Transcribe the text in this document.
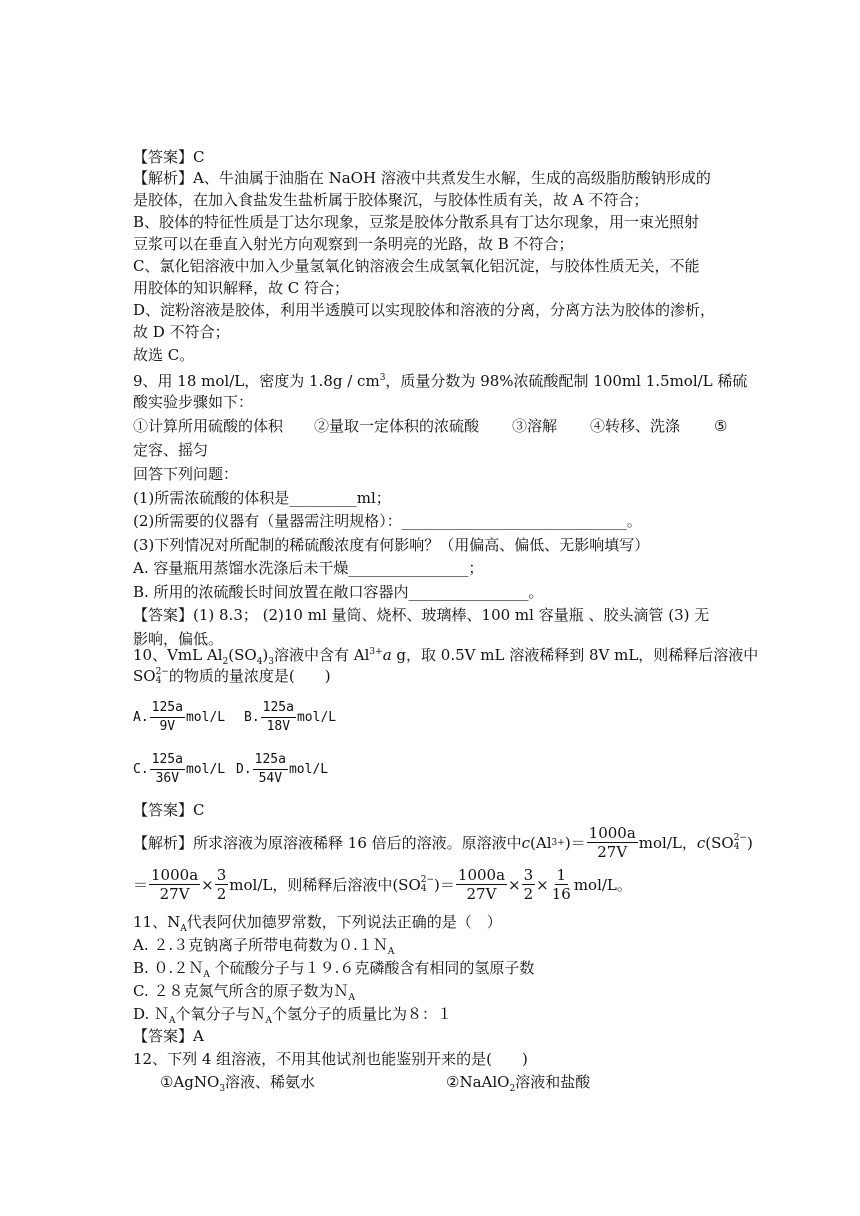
【答案】C
【解析】A、牛油属于油脂在 NaOH 溶液中共煮发生水解，生成的高级脂肪酸钠形成的
是胶体，在加入食盐发生盐析属于胶体聚沉，与胶体性质有关，故 A 不符合；
B、胶体的特征性质是丁达尔现象，豆浆是胶体分散系具有丁达尔现象，用一束光照射
豆浆可以在垂直入射光方向观察到一条明亮的光路，故 B 不符合；
C、氯化铝溶液中加入少量氢氧化钠溶液会生成氢氧化铝沉淀，与胶体性质无关，不能
用胶体的知识解释，故 C 符合；
D、淀粉溶液是胶体，利用半透膜可以实现胶体和溶液的分离，分离方法为胶体的渗析，
故 D 不符合；
故选 C。
9、用 18 mol/L，密度为 $1.8g / cm^3$，质量分数为 98%浓硫酸配制 100ml 1.5mol/L 稀硫
酸实验步骤如下：
①计算所用硫酸的体积 ②量取一定体积的浓硫酸 ③溶解 ④转移、洗涤 ⑤
定容、摇匀
回答下列问题：
(1)所需浓硫酸的体积是_________ml；
(2)所需要的仪器有（量器需注明规格）：______________________________。
(3)下列情况对所配制的稀硫酸浓度有何影响？（用偏高、偏低、无影响填写）
A. 容量瓶用蒸馏水洗涤后未干燥________________；
B. 所用的浓硫酸长时间放置在敞口容器内________________。
【答案】(1) 8.3； (2)10 ml 量筒、烧杯、玻璃棒、100 ml 容量瓶 、胶头滴管 (3) 无
影响，偏低。
10、VmL $Al_2(SO_4)_3$溶液中含有 $Al^{3+}a$ g，取 0.5V mL 溶液稀释到 8V mL，则稀释后溶液中
SO 2−
4 的物质的量浓度是(　　)
A. $\frac{125a}{9V} mol/L$ B. $\frac{125a}{18V} mol/L$
C. $\frac{125a}{36V} mol/L$ D. $\frac{125a}{54V} mol/L$
【答案】C
【解析】所求溶液为原溶液稀释 16 倍后的溶液。原溶液中 c (Al 3+ )＝ $\frac{1000a}{27V} mol/L$， c (SO 2−
4 )
＝ $\frac{1000a}{27V} \times \frac{3}{2} mol/L$，则稀释后溶液中(SO 2−
4 )＝ $\frac{1000a}{27V} \times \frac{3}{2} \times \frac{1}{16} mol/L$。
11、$N_A$代表阿伏加德罗常数，下列说法正确的是（　）
A. ２.３克钠离子所带电荷数为０.１Ｎ$_A$
B. ０.２Ｎ$_A$ 个硫酸分子与１９.６克磷酸含有相同的氢原子数
C. ２８克氮气所含的原子数为Ｎ$_A$
D. Ｎ$_A$个氧分子与Ｎ$_A$个氢分子的质量比为８：１
【答案】A
12、下列 4 组溶液，不用其他试剂也能鉴别开来的是(　　)
①AgNO$_3$溶液、稀氨水	②NaAlO$_2$溶液和盐酸
